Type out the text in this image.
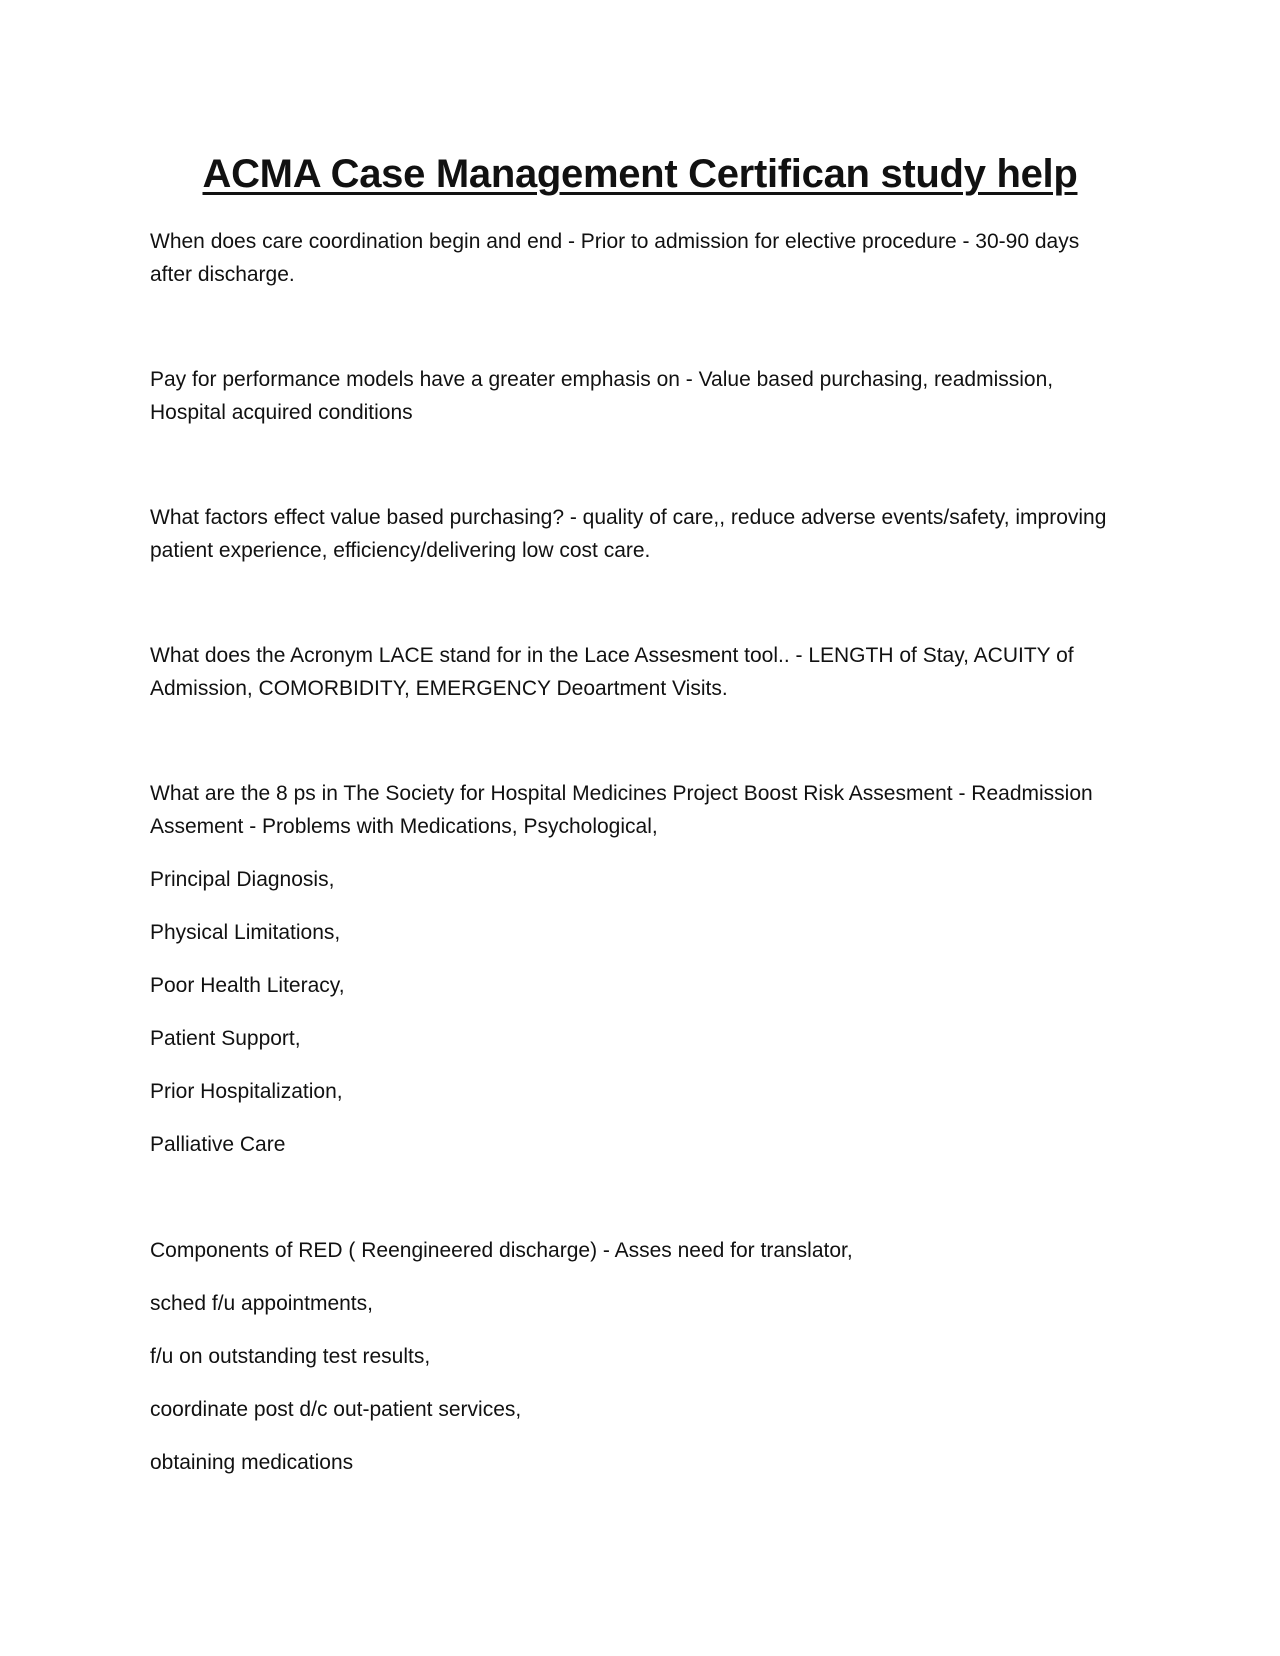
ACMA Case Management Certifican study help

When does care coordination begin and end - Prior to admission for elective procedure - 30-90 days

after discharge.

Pay for performance models have a greater emphasis on - Value based purchasing, readmission,

Hospital acquired conditions

What factors effect value based purchasing? - quality of care,, reduce adverse events/safety, improving

patient experience, efficiency/delivering low cost care.

What does the Acronym LACE stand for in the Lace Assesment tool.. - LENGTH of Stay, ACUITY of

Admission, COMORBIDITY, EMERGENCY Deoartment Visits.

What are the 8 ps in The Society for Hospital Medicines Project Boost Risk Assesment - Readmission

Assement - Problems with Medications, Psychological,

Principal Diagnosis,

Physical Limitations,

Poor Health Literacy,

Patient Support,

Prior Hospitalization,

Palliative Care

Components of RED ( Reengineered discharge) - Asses need for translator,

sched f/u appointments,

f/u on outstanding test results,

coordinate post d/c out-patient services,

obtaining medications
